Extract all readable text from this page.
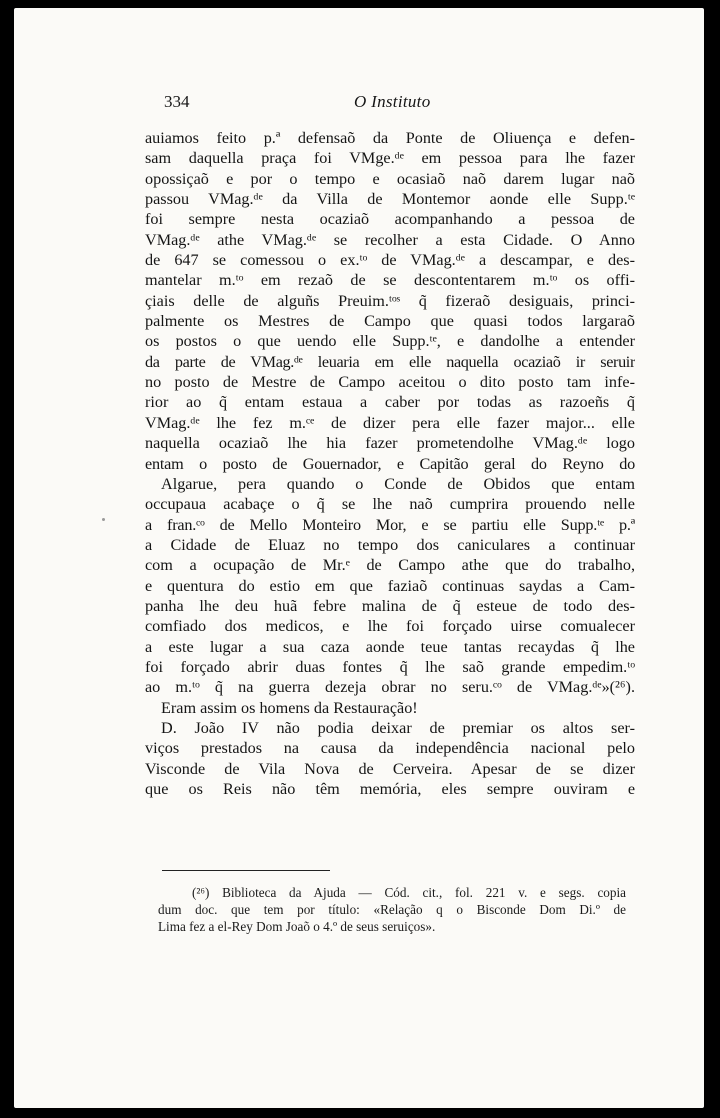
334	O Instituto
auiamos feito p.ª defensaõ da Ponte de Oliuença e defen-
sam daquella praça foi VMge.ᵈᵉ em pessoa para lhe fazer
opossiçaõ e por o tempo e ocasiaõ naõ darem lugar naõ
passou VMag.ᵈᵉ da Villa de Montemor aonde elle Supp.ᵗᵉ
foi sempre nesta ocaziaõ acompanhando a pessoa de
VMag.ᵈᵉ athe VMag.ᵈᵉ se recolher a esta Cidade. O Anno
de 647 se comessou o ex.ᵗᵒ de VMag.ᵈᵉ a descampar, e des-
mantelar m.ᵗᵒ em rezaõ de se descontentarem m.ᵗᵒ os offi-
çiais delle de alguñs Preuim.ᵗᵒˢ q̃ fizeraõ desiguais, princi-
palmente os Mestres de Campo que quasi todos largaraõ
os postos o que uendo elle Supp.ᵗᵉ, e dandolhe a entender
da parte de VMag.ᵈᵉ leuaria em elle naquella ocaziaõ ir seruir
no posto de Mestre de Campo aceitou o dito posto tam infe-
rior ao q̃ entam estaua a caber por todas as razoeñs q̃
VMag.ᵈᵉ lhe fez m.ᶜᵉ de dizer pera elle fazer major... elle
naquella ocaziaõ lhe hia fazer prometendolhe VMag.ᵈᵉ logo
entam o posto de Gouernador, e Capitão geral do Reyno do
Algarue, pera quando o Conde de Obidos que entam
occupaua acabaçe o q̃ se lhe naõ cumprira prouendo nelle
a fran.ᶜᵒ de Mello Monteiro Mor, e se partiu elle Supp.ᵗᵉ p.ª
a Cidade de Eluaz no tempo dos caniculares a continuar
com a ocupação de Mr.ᵉ de Campo athe que do trabalho,
e quentura do estio em que faziaõ continuas saydas a Cam-
panha lhe deu huã febre malina de q̃ esteue de todo des-
comfiado dos medicos, e lhe foi forçado uirse comualecer
a este lugar a sua caza aonde teue tantas recaydas q̃ lhe
foi forçado abrir duas fontes q̃ lhe saõ grande empedim.ᵗᵒ
ao m.ᵗᵒ q̃ na guerra dezeja obrar no seru.ᶜᵒ de VMag.ᵈᵉ»(²⁶).
Eram assim os homens da Restauração!
D. João IV não podia deixar de premiar os altos ser-
viços prestados na causa da independência nacional pelo
Visconde de Vila Nova de Cerveira. Apesar de se dizer
que os Reis não têm memória, eles sempre ouviram e
(²⁶) Biblioteca da Ajuda — Cód. cit., fol. 221 v. e segs. copia
dum doc. que tem por título: «Relação q o Bisconde Dom Di.º de
Lima fez a el-Rey Dom Joaõ o 4.º de seus seruiços».
